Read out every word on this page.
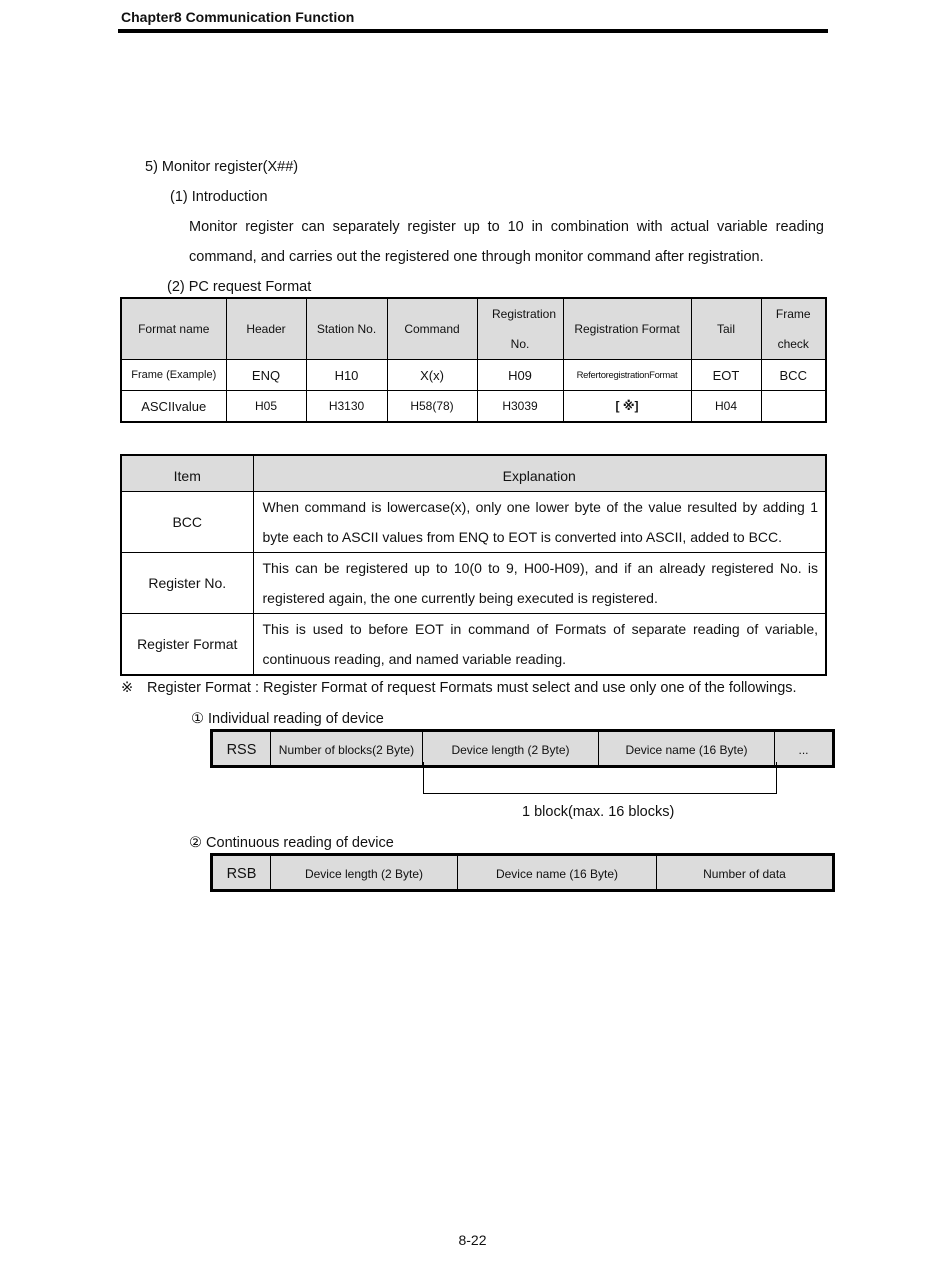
Chapter8 Communication Function
5) Monitor register(X##)
(1) Introduction
Monitor register can separately register up to 10 in combination with actual variable reading command, and carries out the registered one through monitor command after registration.
(2) PC request Format
Format name	Header	Station No.	Command	Registration No.	Registration Format	Tail	Frame check
Frame (Example)	ENQ	H10	X(x)	H09	RefertoregistrationFormat	EOT	BCC
ASCIIvalue	H05	H3130	H58(78)	H3039	[ ※]	H04	
Item	Explanation
BCC	When command is lowercase(x), only one lower byte of the value resulted by adding 1 byte each to ASCII values from ENQ to EOT is converted into ASCII, added to BCC.
Register No.	This can be registered up to 10(0 to 9, H00-H09), and if an already registered No. is registered again, the one currently being executed is registered.
Register Format	This is used to before EOT in command of Formats of separate reading of variable, continuous reading, and named variable reading.
※ Register Format : Register Format of request Formats must select and use only one of the followings.
① Individual reading of device
RSS	Number of blocks(2 Byte)	Device length (2 Byte)	Device name (16 Byte)	...
1 block(max. 16 blocks)
② Continuous reading of device
RSB	Device length (2 Byte)	Device name (16 Byte)	Number of data
8-22
